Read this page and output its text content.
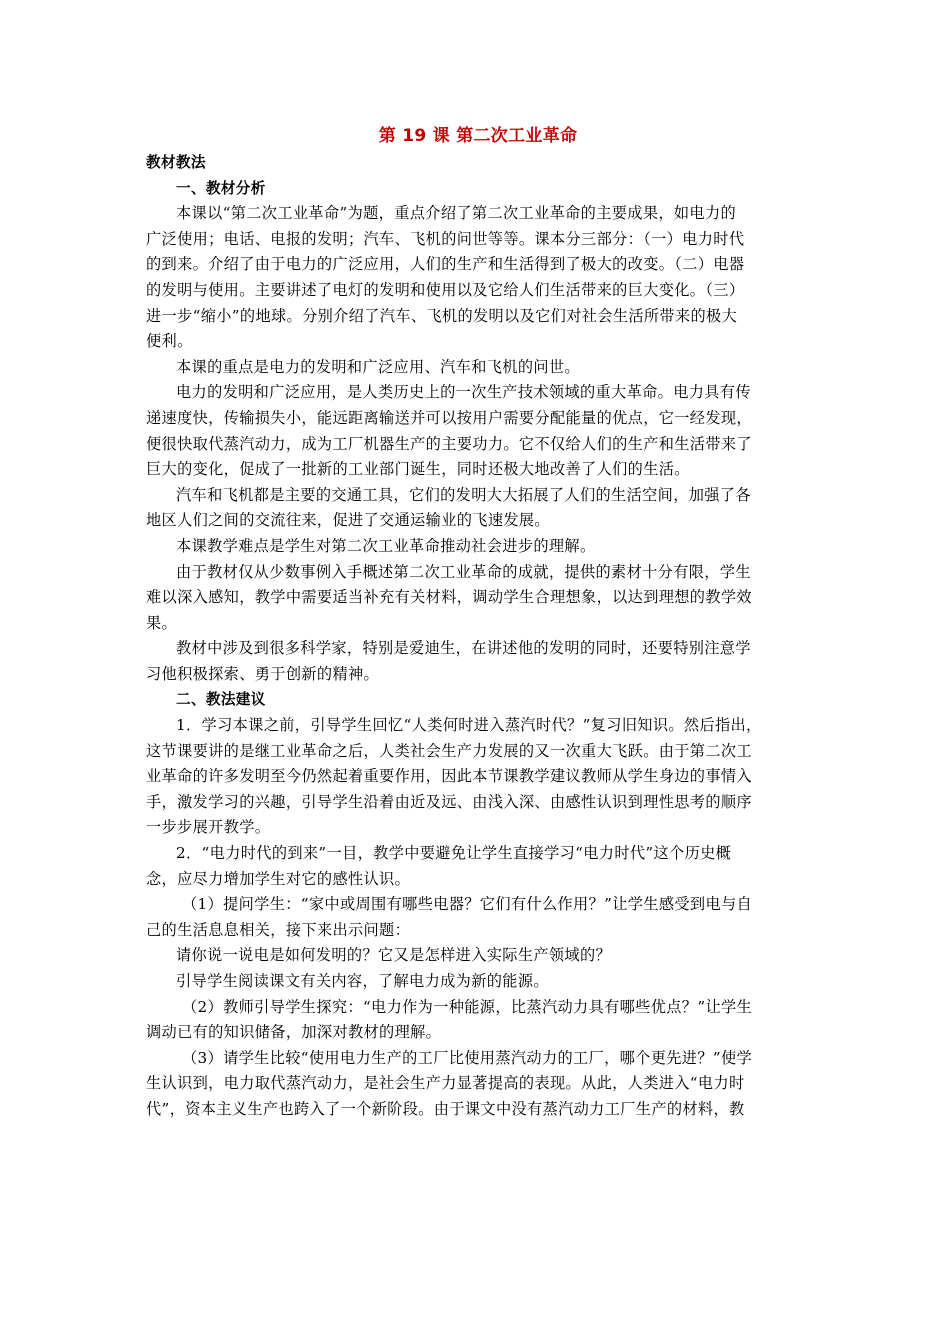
第 19 课 第二次工业革命
教材教法
一、教材分析
本课以“第二次工业革命”为题，重点介绍了第二次工业革命的主要成果，如电力的
广泛使用；电话、电报的发明；汽车、飞机的问世等等。课本分三部分：（一）电力时代
的到来。介绍了由于电力的广泛应用，人们的生产和生活得到了极大的改变。（二）电器
的发明与使用。主要讲述了电灯的发明和使用以及它给人们生活带来的巨大变化。（三）
进一步“缩小”的地球。分别介绍了汽车、飞机的发明以及它们对社会生活所带来的极大
便利。
本课的重点是电力的发明和广泛应用、汽车和飞机的问世。
电力的发明和广泛应用，是人类历史上的一次生产技术领域的重大革命。电力具有传
递速度快，传输损失小，能远距离输送并可以按用户需要分配能量的优点，它一经发现，
便很快取代蒸汽动力，成为工厂机器生产的主要功力。它不仅给人们的生产和生活带来了
巨大的变化，促成了一批新的工业部门诞生，同时还极大地改善了人们的生活。
汽车和飞机都是主要的交通工具，它们的发明大大拓展了人们的生活空间，加强了各
地区人们之间的交流往来，促进了交通运输业的飞速发展。
本课教学难点是学生对第二次工业革命推动社会进步的理解。
由于教材仅从少数事例入手概述第二次工业革命的成就，提供的素材十分有限，学生
难以深入感知，教学中需要适当补充有关材料，调动学生合理想象，以达到理想的教学效
果。
教材中涉及到很多科学家，特别是爱迪生，在讲述他的发明的同时，还要特别注意学
习他积极探索、勇于创新的精神。
二、教法建议
1．学习本课之前，引导学生回忆“人类何时进入蒸汽时代？”复习旧知识。然后指出，
这节课要讲的是继工业革命之后，人类社会生产力发展的又一次重大飞跃。由于第二次工
业革命的许多发明至今仍然起着重要作用，因此本节课教学建议教师从学生身边的事情入
手，激发学习的兴趣，引导学生沿着由近及远、由浅入深、由感性认识到理性思考的顺序
一步步展开教学。
2．“电力时代的到来”一目，教学中要避免让学生直接学习“电力时代”这个历史概
念，应尽力增加学生对它的感性认识。
（1）提问学生：“家中或周围有哪些电器？它们有什么作用？”让学生感受到电与自
己的生活息息相关，接下来出示问题：
请你说一说电是如何发明的？它又是怎样进入实际生产领域的？
引导学生阅读课文有关内容，了解电力成为新的能源。
（2）教师引导学生探究：“电力作为一种能源，比蒸汽动力具有哪些优点？”让学生
调动已有的知识储备，加深对教材的理解。
（3）请学生比较“使用电力生产的工厂比使用蒸汽动力的工厂，哪个更先进？”使学
生认识到，电力取代蒸汽动力，是社会生产力显著提高的表现。从此，人类进入“电力时
代”，资本主义生产也跨入了一个新阶段。由于课文中没有蒸汽动力工厂生产的材料，教
